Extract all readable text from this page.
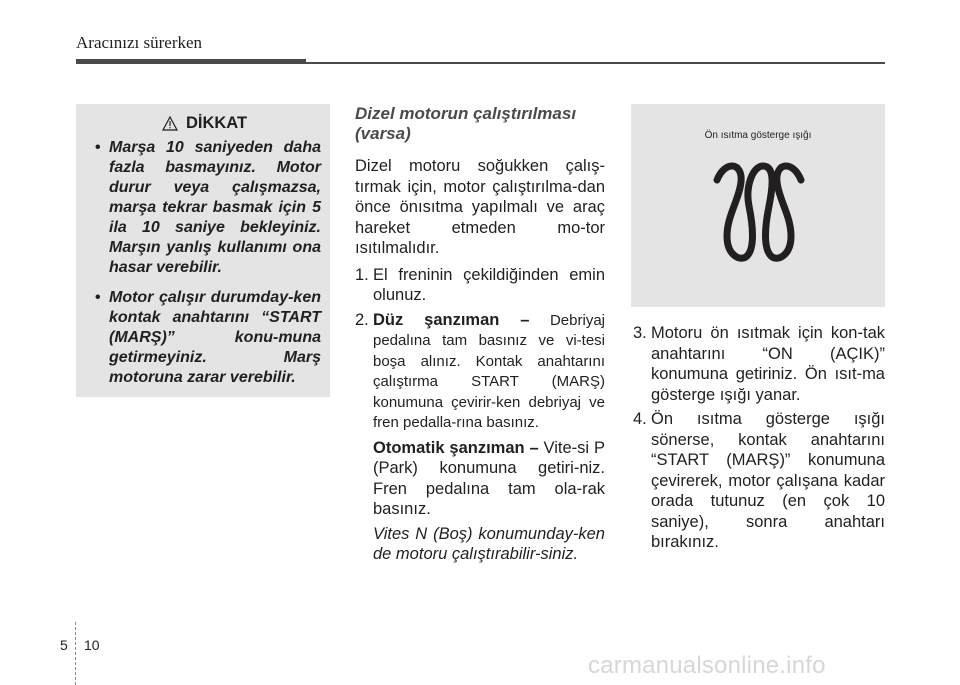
Aracınızı sürerken
DİKKAT
• Marşa 10 saniyeden daha fazla basmayınız. Motor durur veya çalışmazsa, marşa tekrar basmak için 5 ila 10 saniye bekleyiniz. Marşın yanlış kullanımı ona hasar verebilir.
• Motor çalışır durumday-ken kontak anahtarını “START (MARŞ)” konu-muna getirmeyiniz. Marş motoruna zarar verebilir.
Dizel motorun çalıştırılması (varsa)

Dizel motoru soğukken çalış-tırmak için, motor çalıştırılma-dan önce önısıtma yapılmalı ve araç hareket etmeden mo-tor ısıtılmalıdır.

1. El freninin çekildiğinden emin olunuz.
2. Düz şanzıman – Debriyaj pedalına tam basınız ve vi-tesi boşa alınız. Kontak anahtarını çalıştırma START (MARŞ) konumuna çevirir-ken debriyaj ve fren pedalla-rına basınız.
Otomatik şanzıman – Vite-si P (Park) konumuna getiri-niz. Fren pedalına tam ola-rak basınız.
Vites N (Boş) konumunday-ken de motoru çalıştırabilir-siniz.
Ön ısıtma gösterge ışığı
3. Motoru ön ısıtmak için kon-tak anahtarını “ON (AÇIK)” konumuna getiriniz. Ön ısıt-ma gösterge ışığı yanar.
4. Ön ısıtma gösterge ışığı sönerse, kontak anahtarını “START (MARŞ)” konumuna çevirerek, motor çalışana kadar orada tutunuz (en çok 10 saniye), sonra anahtarı bırakınız.
5 10
carmanualsonline.info
